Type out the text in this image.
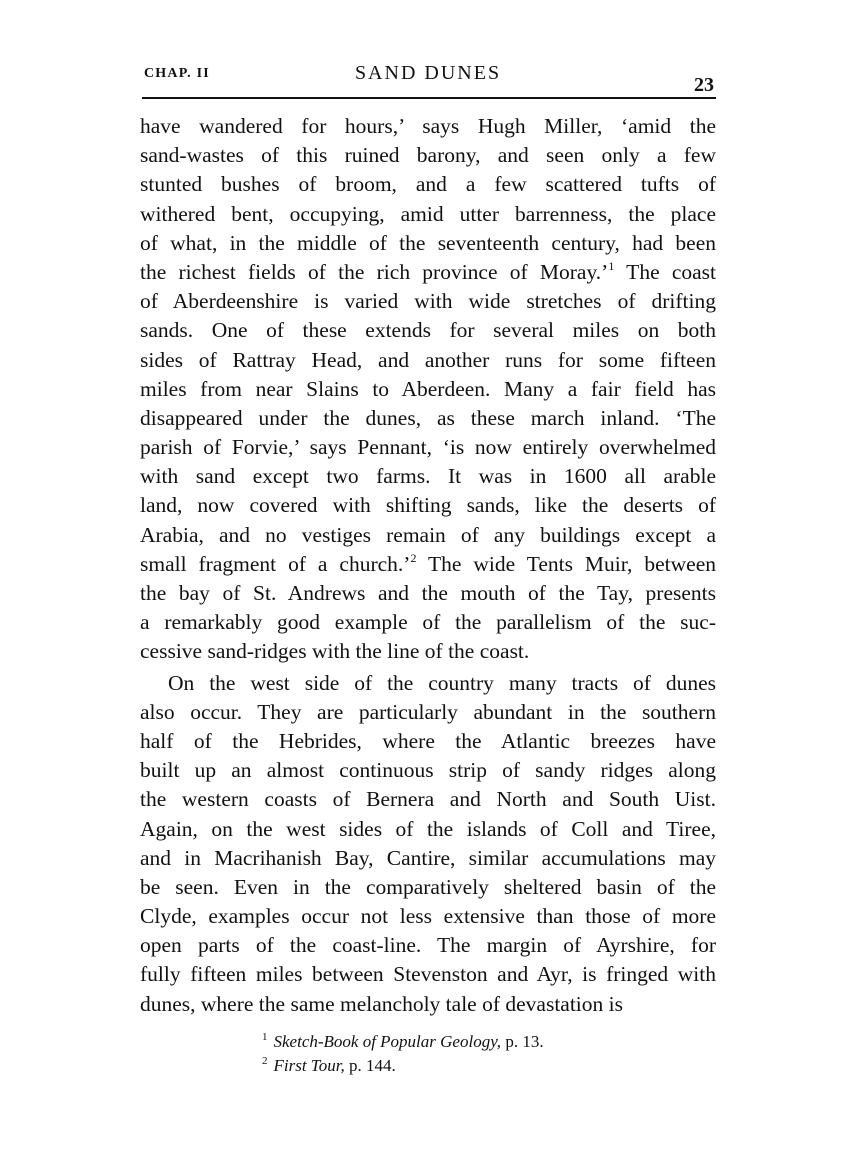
CHAP. II	SAND DUNES
23
have wandered for hours,’ says Hugh Miller, ‘amid the
sand-wastes of this ruined barony, and seen only a few
stunted bushes of broom, and a few scattered tufts of
withered bent, occupying, amid utter barrenness, the place
of what, in the middle of the seventeenth century, had been
the richest fields of the rich province of Moray.’$^1$ The coast
of Aberdeenshire is varied with wide stretches of drifting
sands. One of these extends for several miles on both
sides of Rattray Head, and another runs for some fifteen
miles from near Slains to Aberdeen. Many a fair field has
disappeared under the dunes, as these march inland. ‘The
parish of Forvie,’ says Pennant, ‘is now entirely overwhelmed
with sand except two farms. It was in 1600 all arable
land, now covered with shifting sands, like the deserts of
Arabia, and no vestiges remain of any buildings except a
small fragment of a church.’$^2$ The wide Tents Muir, between
the bay of St. Andrews and the mouth of the Tay, presents
a remarkably good example of the parallelism of the suc-
cessive sand-ridges with the line of the coast.
On the west side of the country many tracts of dunes
also occur. They are particularly abundant in the southern
half of the Hebrides, where the Atlantic breezes have
built up an almost continuous strip of sandy ridges along
the western coasts of Bernera and North and South Uist.
Again, on the west sides of the islands of Coll and Tiree,
and in Macrihanish Bay, Cantire, similar accumulations may
be seen. Even in the comparatively sheltered basin of the
Clyde, examples occur not less extensive than those of more
open parts of the coast-line. The margin of Ayrshire, for
fully fifteen miles between Stevenston and Ayr, is fringed with
dunes, where the same melancholy tale of devastation is
$^1$ Sketch-Book of Popular Geology, p. 13.
$^2$ First Tour, p. 144.
